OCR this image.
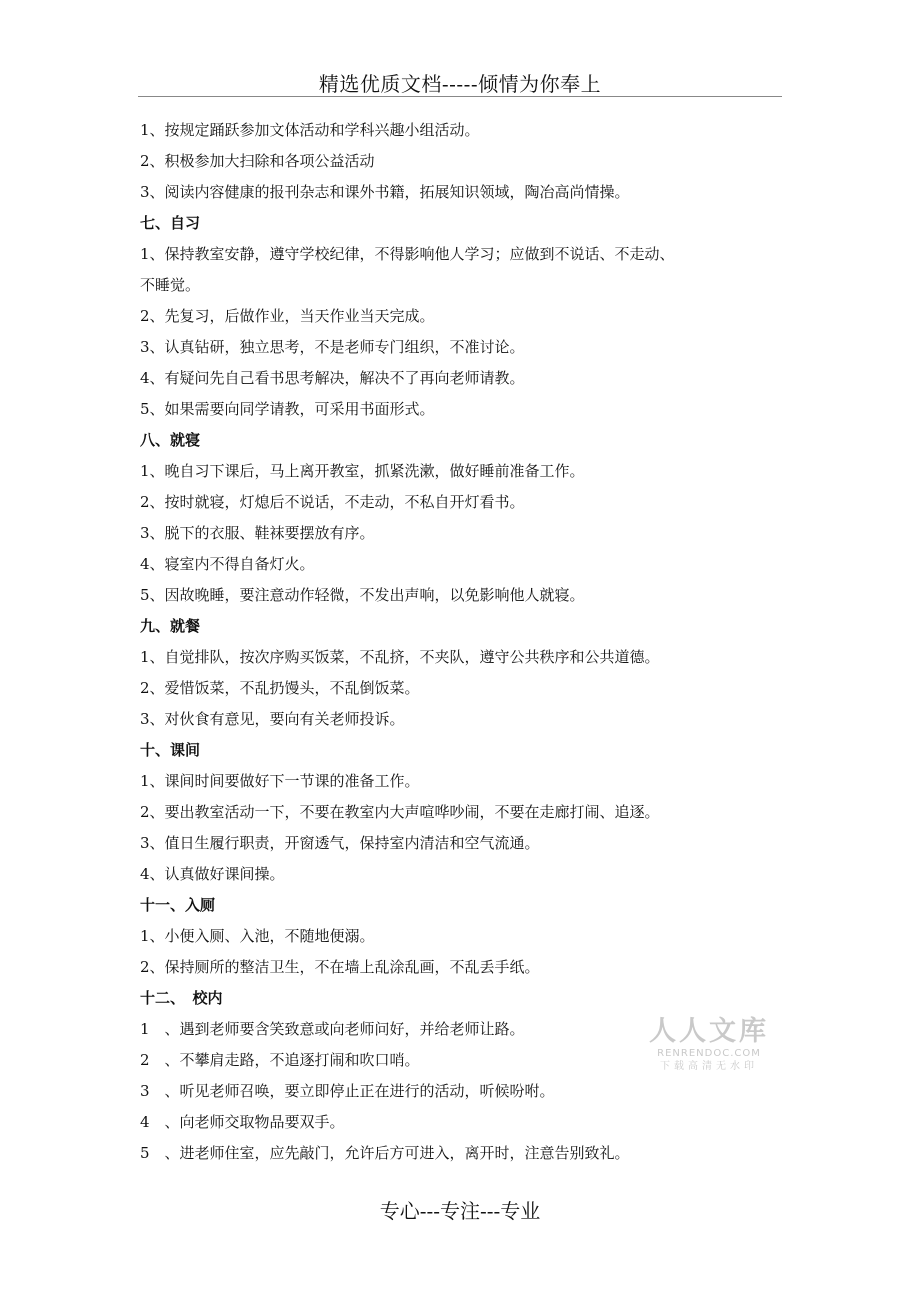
精选优质文档-----倾情为你奉上
1、按规定踊跃参加文体活动和学科兴趣小组活动。
2、积极参加大扫除和各项公益活动
3、阅读内容健康的报刊杂志和课外书籍，拓展知识领域，陶冶高尚情操。
七、自习
1、保持教室安静，遵守学校纪律，不得影响他人学习；应做到不说话、不走动、
不睡觉。
2、先复习，后做作业，当天作业当天完成。
3、认真钻研，独立思考，不是老师专门组织，不准讨论。
4、有疑问先自己看书思考解决，解决不了再向老师请教。
5、如果需要向同学请教，可采用书面形式。
八、就寝
1、晚自习下课后，马上离开教室，抓紧洗漱，做好睡前准备工作。
2、按时就寝，灯熄后不说话，不走动，不私自开灯看书。
3、脱下的衣服、鞋袜要摆放有序。
4、寝室内不得自备灯火。
5、因故晚睡，要注意动作轻微，不发出声响，以免影响他人就寝。
九、就餐
1、自觉排队，按次序购买饭菜，不乱挤，不夹队，遵守公共秩序和公共道德。
2、爱惜饭菜，不乱扔馒头，不乱倒饭菜。
3、对伙食有意见，要向有关老师投诉。
十、课间
1、课间时间要做好下一节课的准备工作。
2、要出教室活动一下，不要在教室内大声喧哗吵闹，不要在走廊打闹、追逐。
3、值日生履行职责，开窗透气，保持室内清洁和空气流通。
4、认真做好课间操。
十一、入厕
1、小便入厕、入池，不随地便溺。
2、保持厕所的整洁卫生，不在墙上乱涂乱画，不乱丢手纸。
十二、　校内
1　、遇到老师要含笑致意或向老师问好，并给老师让路。
2　、不攀肩走路，不追逐打闹和吹口哨。
3　、听见老师召唤，要立即停止正在进行的活动，听候吩咐。
4　、向老师交取物品要双手。
5　、进老师住室，应先敲门，允许后方可进入，离开时，注意告别致礼。
人人文库
RENRENDOC.COM
下载高清无水印
专心---专注---专业
